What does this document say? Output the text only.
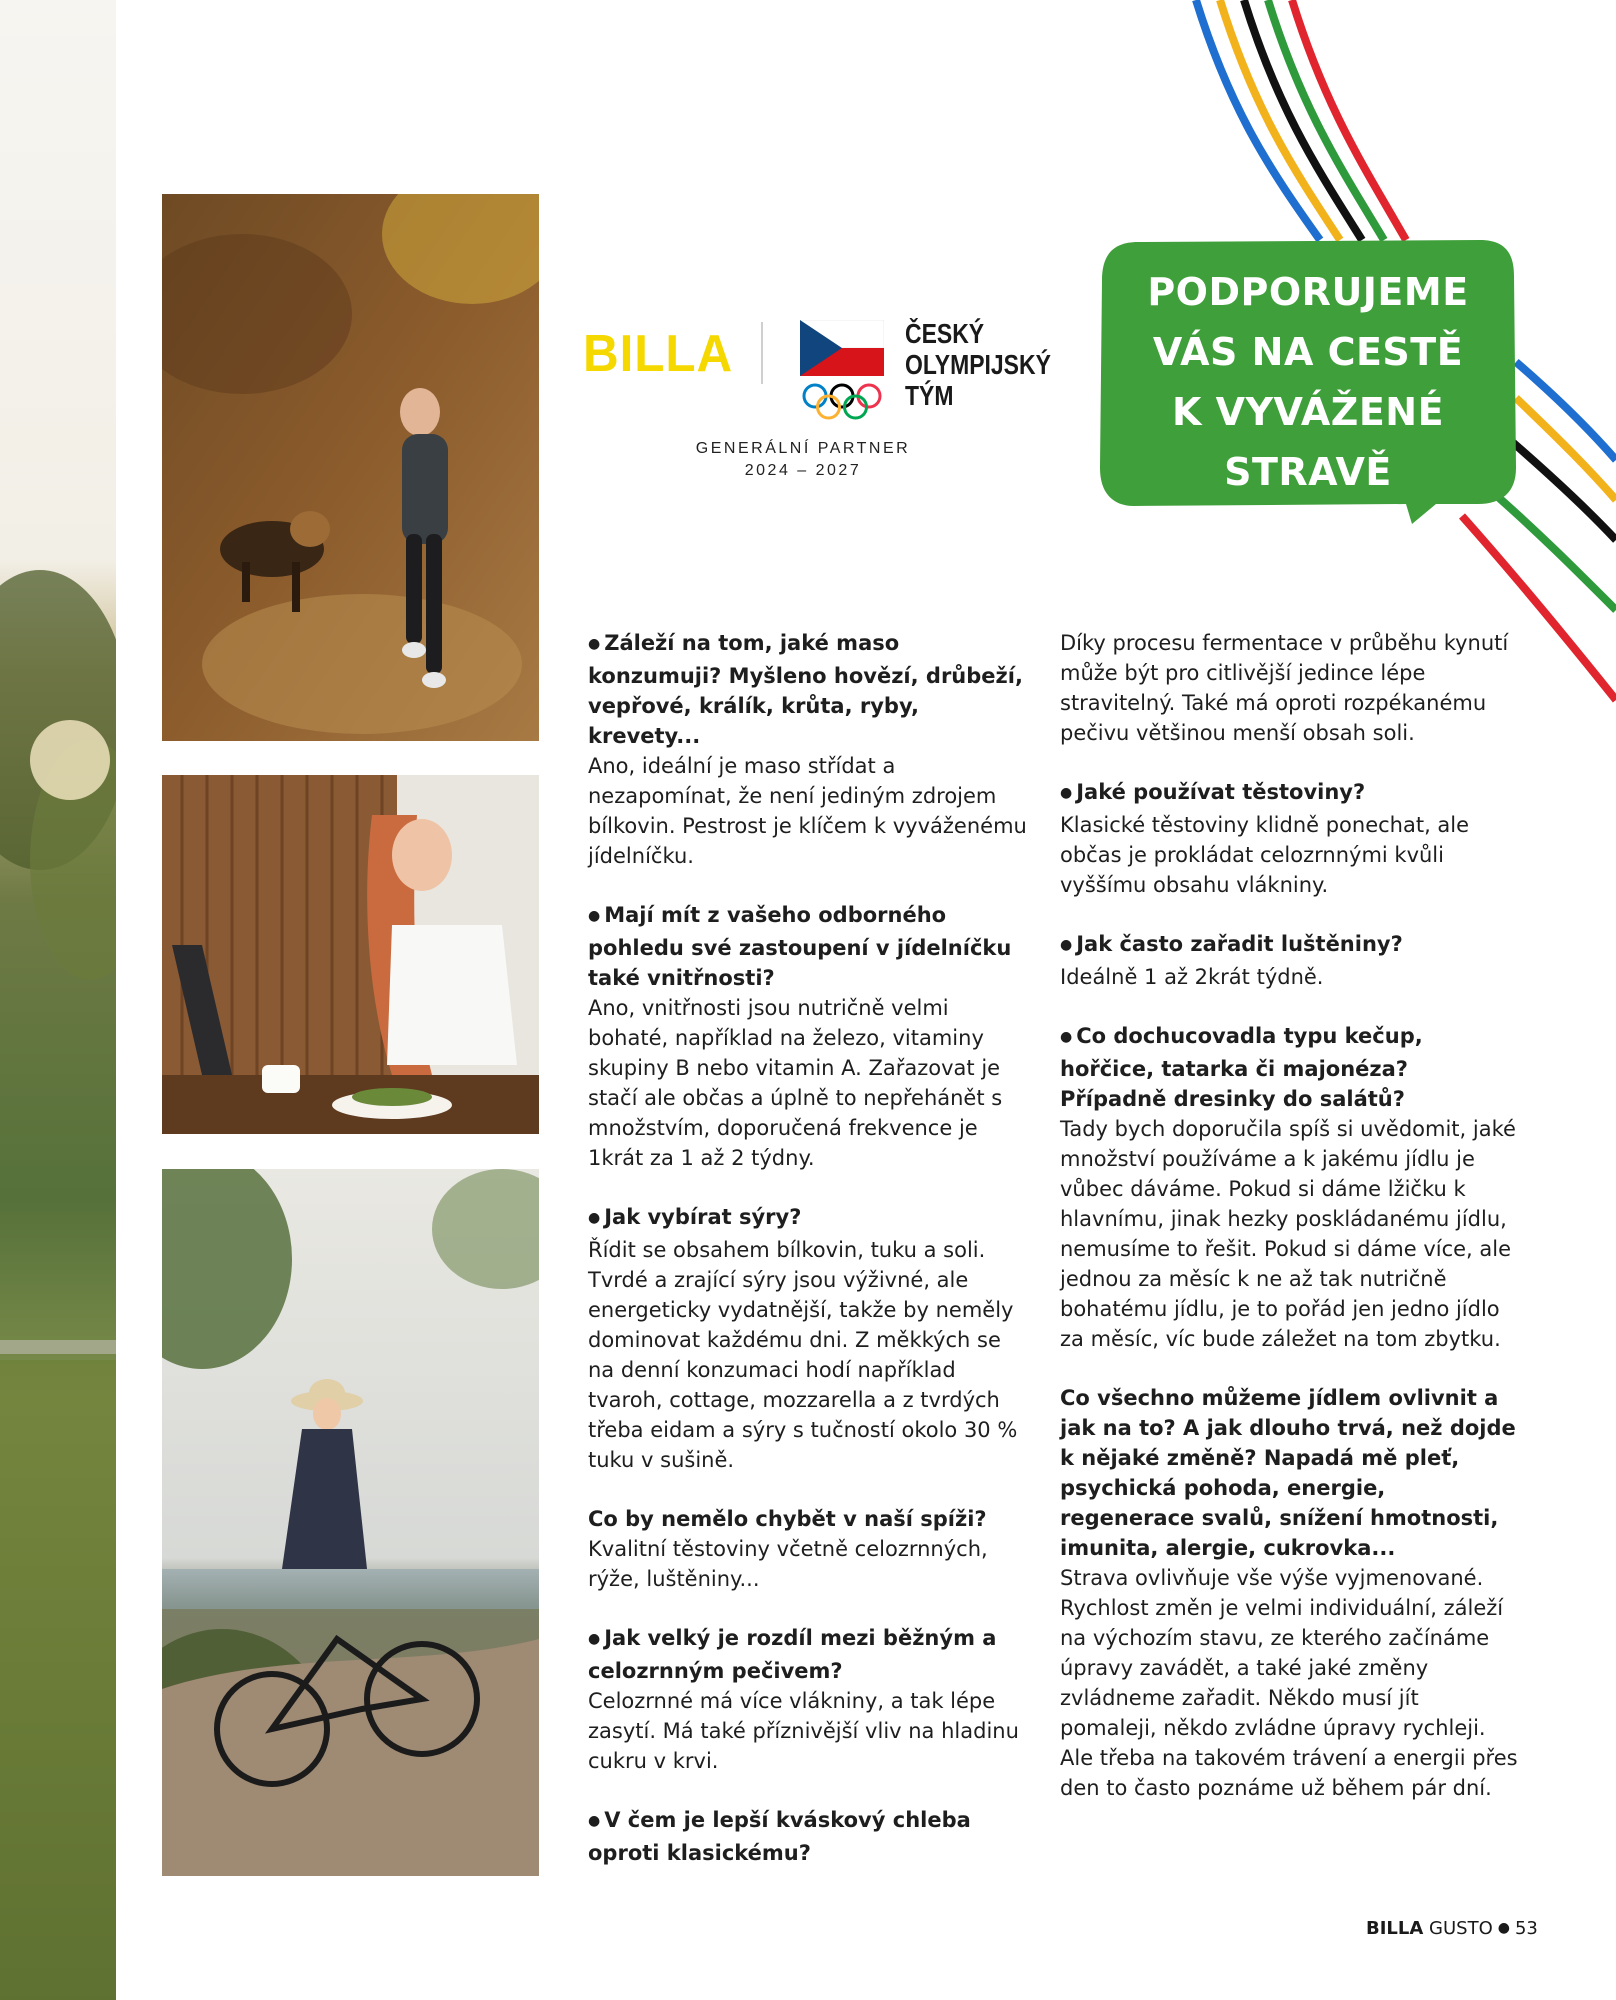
BILLA	ČESKÝ
OLYMPIJSKÝ
TÝM
GENERÁLNÍ PARTNER
2024 – 2027
PODPORUJEME
VÁS NA CESTĚ
K VYVÁŽENÉ
STRAVĚ
● Záleží na tom, jaké maso konzumuji? Myšleno hovězí, drůbeží, vepřové, králík, krůta, ryby, krevety...
Ano, ideální je maso střídat a nezapomínat, že není jediným zdrojem bílkovin. Pestrost je klíčem k vyváženému jídelníčku.
● Mají mít z vašeho odborného pohledu své zastoupení v jídelníčku také vnitřnosti?
Ano, vnitřnosti jsou nutričně velmi bohaté, například na železo, vitaminy skupiny B nebo vitamin A. Zařazovat je stačí ale občas a úplně to nepřehánět s množstvím, doporučená frekvence je 1krát za 1 až 2 týdny.
● Jak vybírat sýry?
Řídit se obsahem bílkovin, tuku a soli. Tvrdé a zrající sýry jsou výživné, ale energeticky vydatnější, takže by neměly dominovat každému dni. Z měkkých se na denní konzumaci hodí například tvaroh, cottage, mozzarella a z tvrdých třeba eidam a sýry s tučností okolo 30 % tuku v sušině.
Co by nemělo chybět v naší spíži?
Kvalitní těstoviny včetně celozrnných, rýže, luštěniny...
● Jak velký je rozdíl mezi běžným a celozrnným pečivem?
Celozrnné má více vlákniny, a tak lépe zasytí. Má také příznivější vliv na hladinu cukru v krvi.
● V čem je lepší kváskový chleba oproti klasickému?
Díky procesu fermentace v průběhu kynutí může být pro citlivější jedince lépe stravitelný. Také má oproti rozpékanému pečivu většinou menší obsah soli.
● Jaké používat těstoviny?
Klasické těstoviny klidně ponechat, ale občas je prokládat celozrnnými kvůli vyššímu obsahu vlákniny.
● Jak často zařadit luštěniny?
Ideálně 1 až 2krát týdně.
● Co dochucovadla typu kečup, hořčice, tatarka či majonéza? Případně dresinky do salátů?
Tady bych doporučila spíš si uvědomit, jaké množství používáme a k jakému jídlu je vůbec dáváme. Pokud si dáme lžičku k hlavnímu, jinak hezky poskládanému jídlu, nemusíme to řešit. Pokud si dáme více, ale jednou za měsíc k ne až tak nutričně bohatému jídlu, je to pořád jen jedno jídlo za měsíc, víc bude záležet na tom zbytku.
Co všechno můžeme jídlem ovlivnit a jak na to? A jak dlouho trvá, než dojde k nějaké změně? Napadá mě pleť, psychická pohoda, energie, regenerace svalů, snížení hmotnosti, imunita, alergie, cukrovka...
Strava ovlivňuje vše výše vyjmenované. Rychlost změn je velmi individuální, záleží na výchozím stavu, ze kterého začínáme úpravy zavádět, a také jaké změny zvládneme zařadit. Někdo musí jít pomaleji, někdo zvládne úpravy rychleji. Ale třeba na takovém trávení a energii přes den to často poznáme už během pár dní.
BILLA GUSTO ● 53
